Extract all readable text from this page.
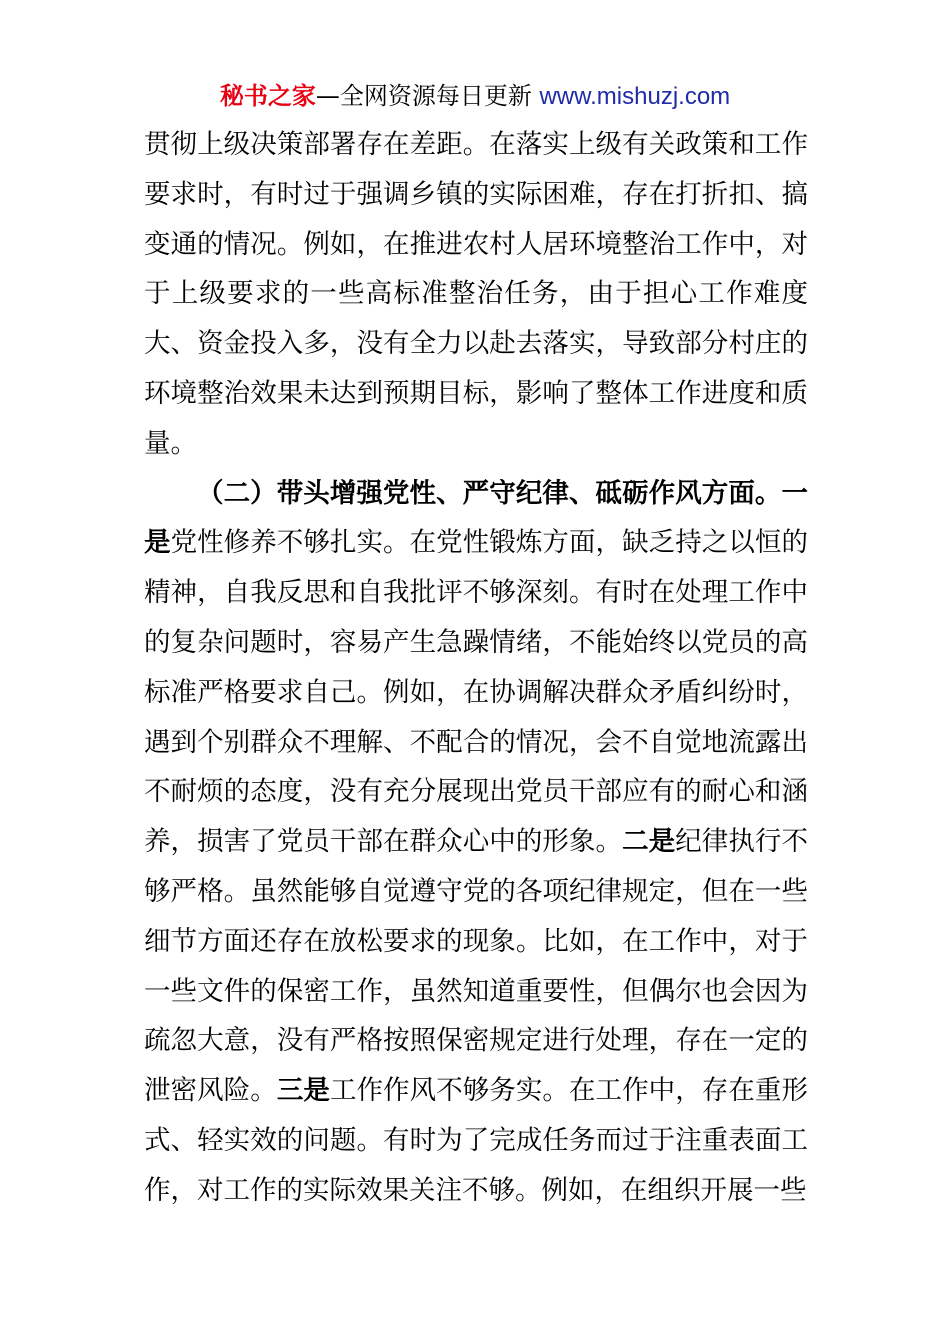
秘书之家—全网资源每日更新 www.mishuzj.com

贯彻上级决策部署存在差距。在落实上级有关政策和工作要求时，有时过于强调乡镇的实际困难，存在打折扣、搞变通的情况。例如，在推进农村人居环境整治工作中，对于上级要求的一些高标准整治任务，由于担心工作难度大、资金投入多，没有全力以赴去落实，导致部分村庄的环境整治效果未达到预期目标，影响了整体工作进度和质量。

（二）带头增强党性、严守纪律、砥砺作风方面。一是党性修养不够扎实。在党性锻炼方面，缺乏持之以恒的精神，自我反思和自我批评不够深刻。有时在处理工作中的复杂问题时，容易产生急躁情绪，不能始终以党员的高标准严格要求自己。例如，在协调解决群众矛盾纠纷时，遇到个别群众不理解、不配合的情况，会不自觉地流露出不耐烦的态度，没有充分展现出党员干部应有的耐心和涵养，损害了党员干部在群众心中的形象。二是纪律执行不够严格。虽然能够自觉遵守党的各项纪律规定，但在一些细节方面还存在放松要求的现象。比如，在工作中，对于一些文件的保密工作，虽然知道重要性，但偶尔也会因为疏忽大意，没有严格按照保密规定进行处理，存在一定的泄密风险。三是工作作风不够务实。在工作中，存在重形式、轻实效的问题。有时为了完成任务而过于注重表面工作，对工作的实际效果关注不够。例如，在组织开展一些
